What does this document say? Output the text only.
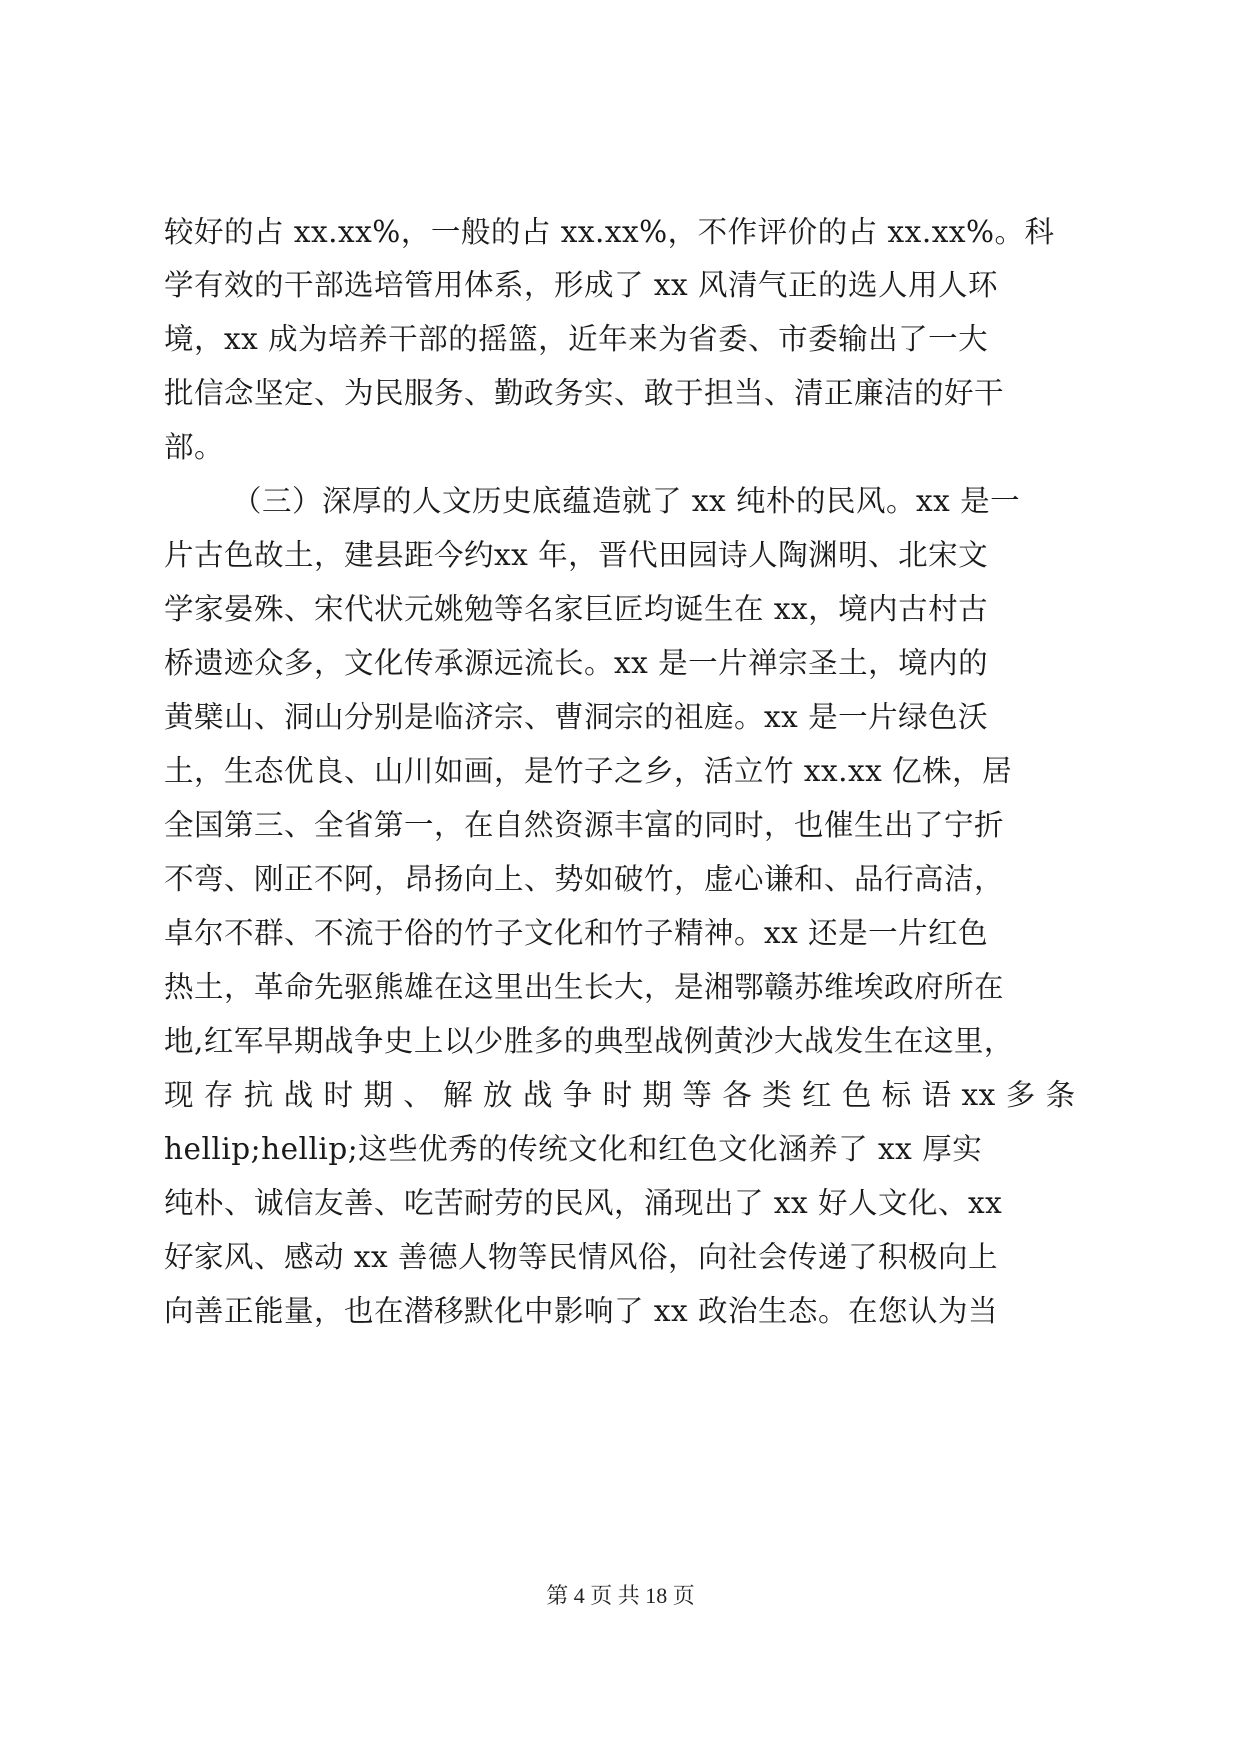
较好的占 xx.xx%，一般的占 xx.xx%，不作评价的占 xx.xx%。科
学有效的干部选培管用体系，形成了 xx 风清气正的选人用人环
境，xx 成为培养干部的摇篮，近年来为省委、市委输出了一大
批信念坚定、为民服务、勤政务实、敢于担当、清正廉洁的好干
部。
（三）深厚的人文历史底蕴造就了 xx 纯朴的民风。xx 是一
片古色故土，建县距今约xx 年，晋代田园诗人陶渊明、北宋文
学家晏殊、宋代状元姚勉等名家巨匠均诞生在 xx，境内古村古
桥遗迹众多，文化传承源远流长。xx 是一片禅宗圣土，境内的
黄檗山、洞山分别是临济宗、曹洞宗的祖庭。xx 是一片绿色沃
土，生态优良、山川如画，是竹子之乡，活立竹 xx.xx 亿株，居
全国第三、全省第一，在自然资源丰富的同时，也催生出了宁折
不弯、刚正不阿，昂扬向上、势如破竹，虚心谦和、品行高洁，
卓尔不群、不流于俗的竹子文化和竹子精神。xx 还是一片红色
热土，革命先驱熊雄在这里出生长大，是湘鄂赣苏维埃政府所在
地,红军早期战争史上以少胜多的典型战例黄沙大战发生在这里，
现 存 抗 战 时 期 、 解 放 战 争 时 期 等 各 类 红 色 标 语 xx 多 条
hellip;hellip;这些优秀的传统文化和红色文化涵养了 xx 厚实
纯朴、诚信友善、吃苦耐劳的民风，涌现出了 xx 好人文化、xx
好家风、感动 xx 善德人物等民情风俗，向社会传递了积极向上
向善正能量，也在潜移默化中影响了 xx 政治生态。在您认为当
第 4 页 共 18 页
